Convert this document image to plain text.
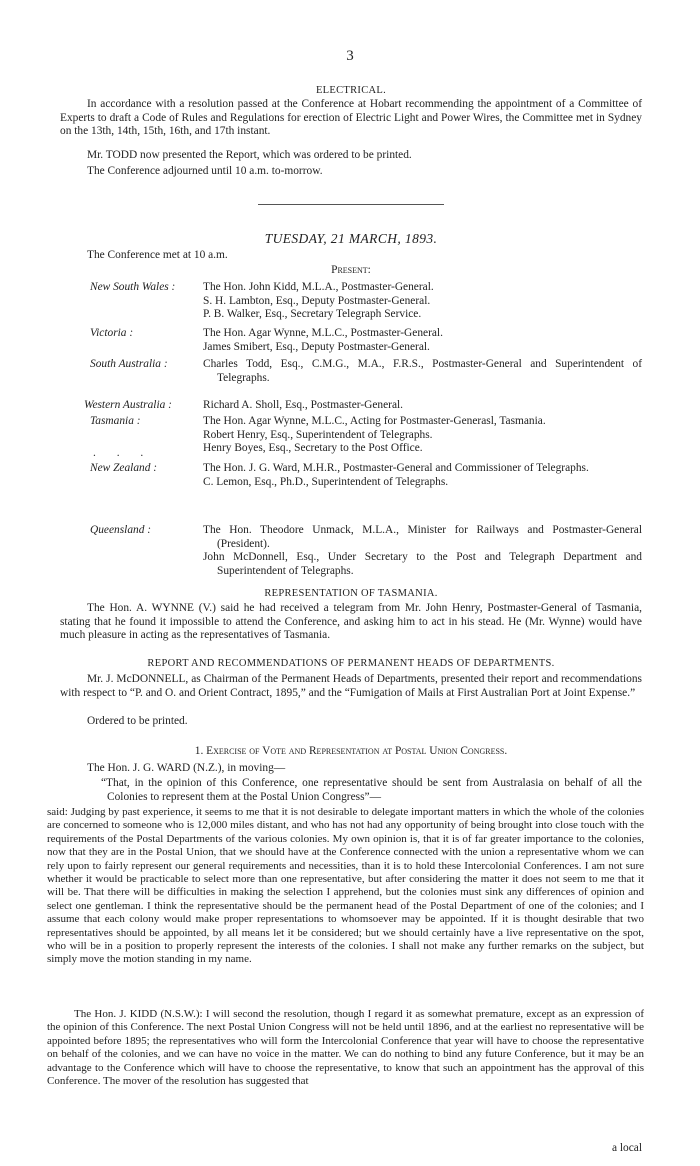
3
ELECTRICAL.
In accordance with a resolution passed at the Conference at Hobart recommending the appointment of a Committee of Experts to draft a Code of Rules and Regulations for erection of Electric Light and Power Wires, the Committee met in Sydney on the 13th, 14th, 15th, 16th, and 17th instant.
Mr. TODD now presented the Report, which was ordered to be printed.
The Conference adjourned until 10 a.m. to-morrow.
TUESDAY, 21 MARCH, 1893.
The Conference met at 10 a.m.
Present:
New South Wales :	The Hon. John Kidd, M.L.A., Postmaster-General.

S. H. Lambton, Esq., Deputy Postmaster-General.

P. B. Walker, Esq., Secretary Telegraph Service.

Victoria :	The Hon. Agar Wynne, M.L.C., Postmaster-General.

James Smibert, Esq., Deputy Postmaster-General.

South Australia :	Charles Todd, Esq., C.M.G., M.A., F.R.S., Postmaster-General and Superintendent of Telegraphs.

Western Australia :	Richard A. Sholl, Esq., Postmaster-General.

Tasmania :	The Hon. Agar Wynne, M.L.C., Acting for Postmaster-Generasl, Tasmania.

Robert Henry, Esq., Superintendent of Telegraphs.

Henry Boyes, Esq., Secretary to the Post Office.

. . .
New Zealand :	The Hon. J. G. Ward, M.H.R., Postmaster-General and Commissioner of Telegraphs.

C. Lemon, Esq., Ph.D., Superintendent of Telegraphs.

Queensland :	The Hon. Theodore Unmack, M.L.A., Minister for Railways and Postmaster-General (President).

John McDonnell, Esq., Under Secretary to the Post and Telegraph Department and Superintendent of Telegraphs.

REPRESENTATION OF TASMANIA.
The Hon. A. WYNNE (V.) said he had received a telegram from Mr. John Henry, Postmaster-General of Tasmania, stating that he found it impossible to attend the Conference, and asking him to act in his stead. He (Mr. Wynne) would have much pleasure in acting as the representatives of Tasmania.
REPORT AND RECOMMENDATIONS OF PERMANENT HEADS OF DEPARTMENTS.
Mr. J. McDONNELL, as Chairman of the Permanent Heads of Departments, presented their report and recommendations with respect to “P. and O. and Orient Contract, 1895,” and the “Fumigation of Mails at First Australian Port at Joint Expense.”
Ordered to be printed.
1. Exercise of Vote and Representation at Postal Union Congress.
The Hon. J. G. WARD (N.Z.), in moving—
“That, in the opinion of this Conference, one representative should be sent from Australasia on behalf of all the Colonies to represent them at the Postal Union Congress”—
said: Judging by past experience, it seems to me that it is not desirable to delegate important matters in which the whole of the colonies are concerned to someone who is 12,000 miles distant, and who has not had any opportunity of being brought into close touch with the requirements of the Postal Departments of the various colonies. My own opinion is, that it is of far greater importance to the colonies, now that they are in the Postal Union, that we should have at the Conference connected with the union a representative whom we can rely upon to fairly represent our general requirements and necessities, than it is to hold these Intercolonial Conferences. I am not sure whether it would be practicable to select more than one representative, but after considering the matter it does not seem to me that it will be. That there will be difficulties in making the selection I apprehend, but the colonies must sink any differences of opinion and select one gentleman. I think the representative should be the permanent head of the Postal Department of one of the colonies; and I assume that each colony would make proper representations to whomsoever may be appointed. If it is thought desirable that two representatives should be appointed, by all means let it be considered; but we should certainly have a live representative on the spot, who will be in a position to properly represent the interests of the colonies. I shall not make any further remarks on the subject, but simply move the motion standing in my name.
The Hon. J. KIDD (N.S.W.): I will second the resolution, though I regard it as somewhat premature, except as an expression of the opinion of this Conference. The next Postal Union Congress will not be held until 1896, and at the earliest no representative will be appointed before 1895; the representatives who will form the Intercolonial Conference that year will have to choose the representative on behalf of the colonies, and we can have no voice in the matter. We can do nothing to bind any future Conference, but it may be an advantage to the Conference which will have to choose the representative, to know that such an appointment has the approval of this Conference. The mover of the resolution has suggested that
a local
